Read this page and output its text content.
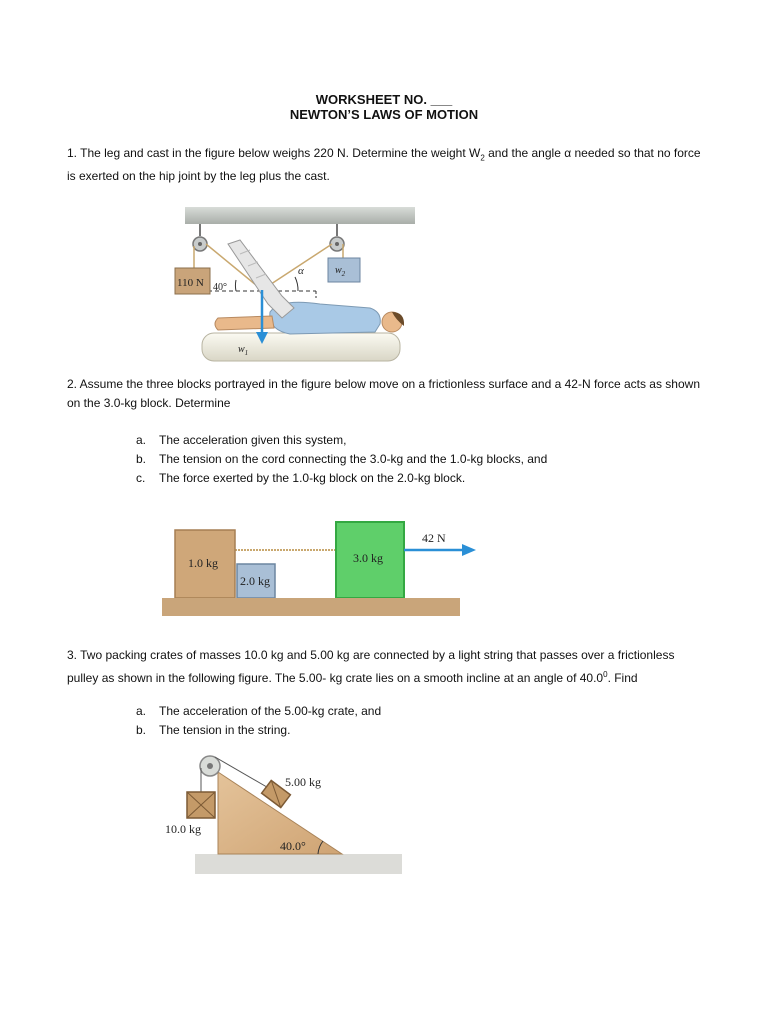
WORKSHEET NO. ___
NEWTON’S LAWS OF MOTION
1. The leg and cast in the figure below weighs 220 N. Determine the weight $W_2$ and the angle α needed so that no force is exerted on the hip joint by the leg plus the cast.
110 N 40°
α	$w_2$
$w_1$
2. Assume the three blocks portrayed in the figure below move on a frictionless surface and a 42-N force acts as shown on the 3.0-kg block. Determine
a. The acceleration given this system,
b. The tension on the cord connecting the 3.0-kg and the 1.0-kg blocks, and
c. The force exerted by the 1.0-kg block on the 2.0-kg block.
1.0 kg
2.0 kg
3.0 kg
42 N
3. Two packing crates of masses 10.0 kg and 5.00 kg are connected by a light string that passes over a frictionless pulley as shown in the following figure. The 5.00- kg crate lies on a smooth incline at an angle of 40.0$^0$. Find
a. The acceleration of the 5.00-kg crate, and
b. The tension in the string.
5.00 kg
10.0 kg
40.0°
